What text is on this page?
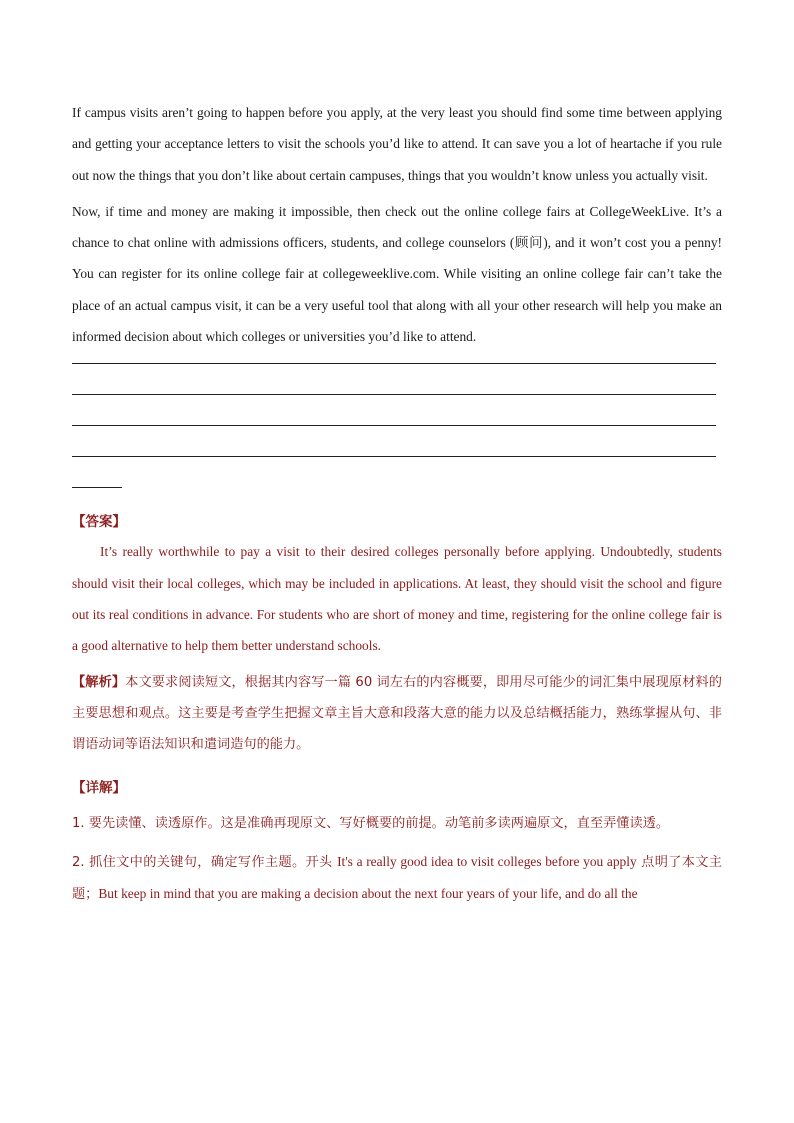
If campus visits aren’t going to happen before you apply, at the very least you should find some time between applying and getting your acceptance letters to visit the schools you’d like to attend. It can save you a lot of heartache if you rule out now the things that you don’t like about certain campuses, things that you wouldn’t know unless you actually visit.

Now, if time and money are making it impossible, then check out the online college fairs at CollegeWeekLive. It’s a chance to chat online with admissions officers, students, and college counselors (顾问), and it won’t cost you a penny! You can register for its online college fair at collegeweeklive.com. While visiting an online college fair can’t take the place of an actual campus visit, it can be a very useful tool that along with all your other research will help you make an informed decision about which colleges or universities you’d like to attend.

【答案】

It’s really worthwhile to pay a visit to their desired colleges personally before applying. Undoubtedly, students should visit their local colleges, which may be included in applications. At least, they should visit the school and figure out its real conditions in advance. For students who are short of money and time, registering for the online college fair is a good alternative to help them better understand schools.

【解析】本文要求阅读短文，根据其内容写一篇 60 词左右的内容概要，即用尽可能少的词汇集中展现原材料的主要思想和观点。这主要是考查学生把握文章主旨大意和段落大意的能力以及总结概括能力，熟练掌握从句、非谓语动词等语法知识和遣词造句的能力。

【详解】

1. 要先读懂、读透原作。这是准确再现原文、写好概要的前提。动笔前多读两遍原文，直至弄懂读透。

2. 抓住文中的关键句，确定写作主题。开头 It's a really good idea to visit colleges before you apply 点明了本文主题；But keep in mind that you are making a decision about the next four years of your life, and do all the
